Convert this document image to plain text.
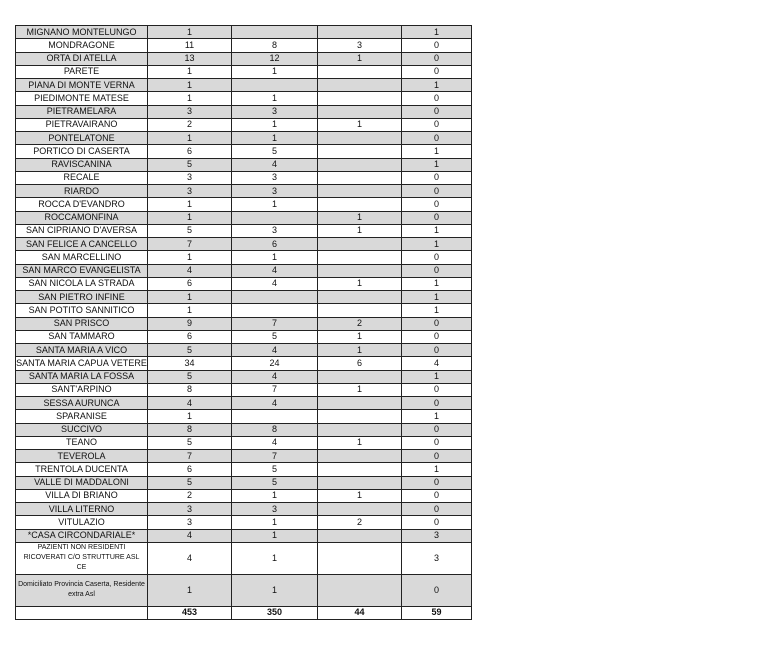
MIGNANO MONTELUNGO	1			1
MONDRAGONE	11	8	3	0
ORTA DI ATELLA	13	12	1	0
PARETE	1	1		0
PIANA DI MONTE VERNA	1			1
PIEDIMONTE MATESE	1	1		0
PIETRAMELARA	3	3		0
PIETRAVAIRANO	2	1	1	0
PONTELATONE	1	1		0
PORTICO DI CASERTA	6	5		1
RAVISCANINA	5	4		1
RECALE	3	3		0
RIARDO	3	3		0
ROCCA D'EVANDRO	1	1		0
ROCCAMONFINA	1		1	0
SAN CIPRIANO D'AVERSA	5	3	1	1
SAN FELICE A CANCELLO	7	6		1
SAN MARCELLINO	1	1		0
SAN MARCO EVANGELISTA	4	4		0
SAN NICOLA LA STRADA	6	4	1	1
SAN PIETRO INFINE	1			1
SAN POTITO SANNITICO	1			1
SAN PRISCO	9	7	2	0
SAN TAMMARO	6	5	1	0
SANTA MARIA A VICO	5	4	1	0
SANTA MARIA CAPUA VETERE	34	24	6	4
SANTA MARIA LA FOSSA	5	4		1
SANT'ARPINO	8	7	1	0
SESSA AURUNCA	4	4		0
SPARANISE	1			1
SUCCIVO	8	8		0
TEANO	5	4	1	0
TEVEROLA	7	7		0
TRENTOLA DUCENTA	6	5		1
VALLE DI MADDALONI	5	5		0
VILLA DI BRIANO	2	1	1	0
VILLA LITERNO	3	3		0
VITULAZIO	3	1	2	0
*CASA CIRCONDARIALE*	4	1		3
PAZIENTI NON RESIDENTI RICOVERATI C/O STRUTTURE ASL CE	4	1		3
Domiciliato Provincia Caserta, Residente extra Asl	1	1		0
	453	350	44	59
